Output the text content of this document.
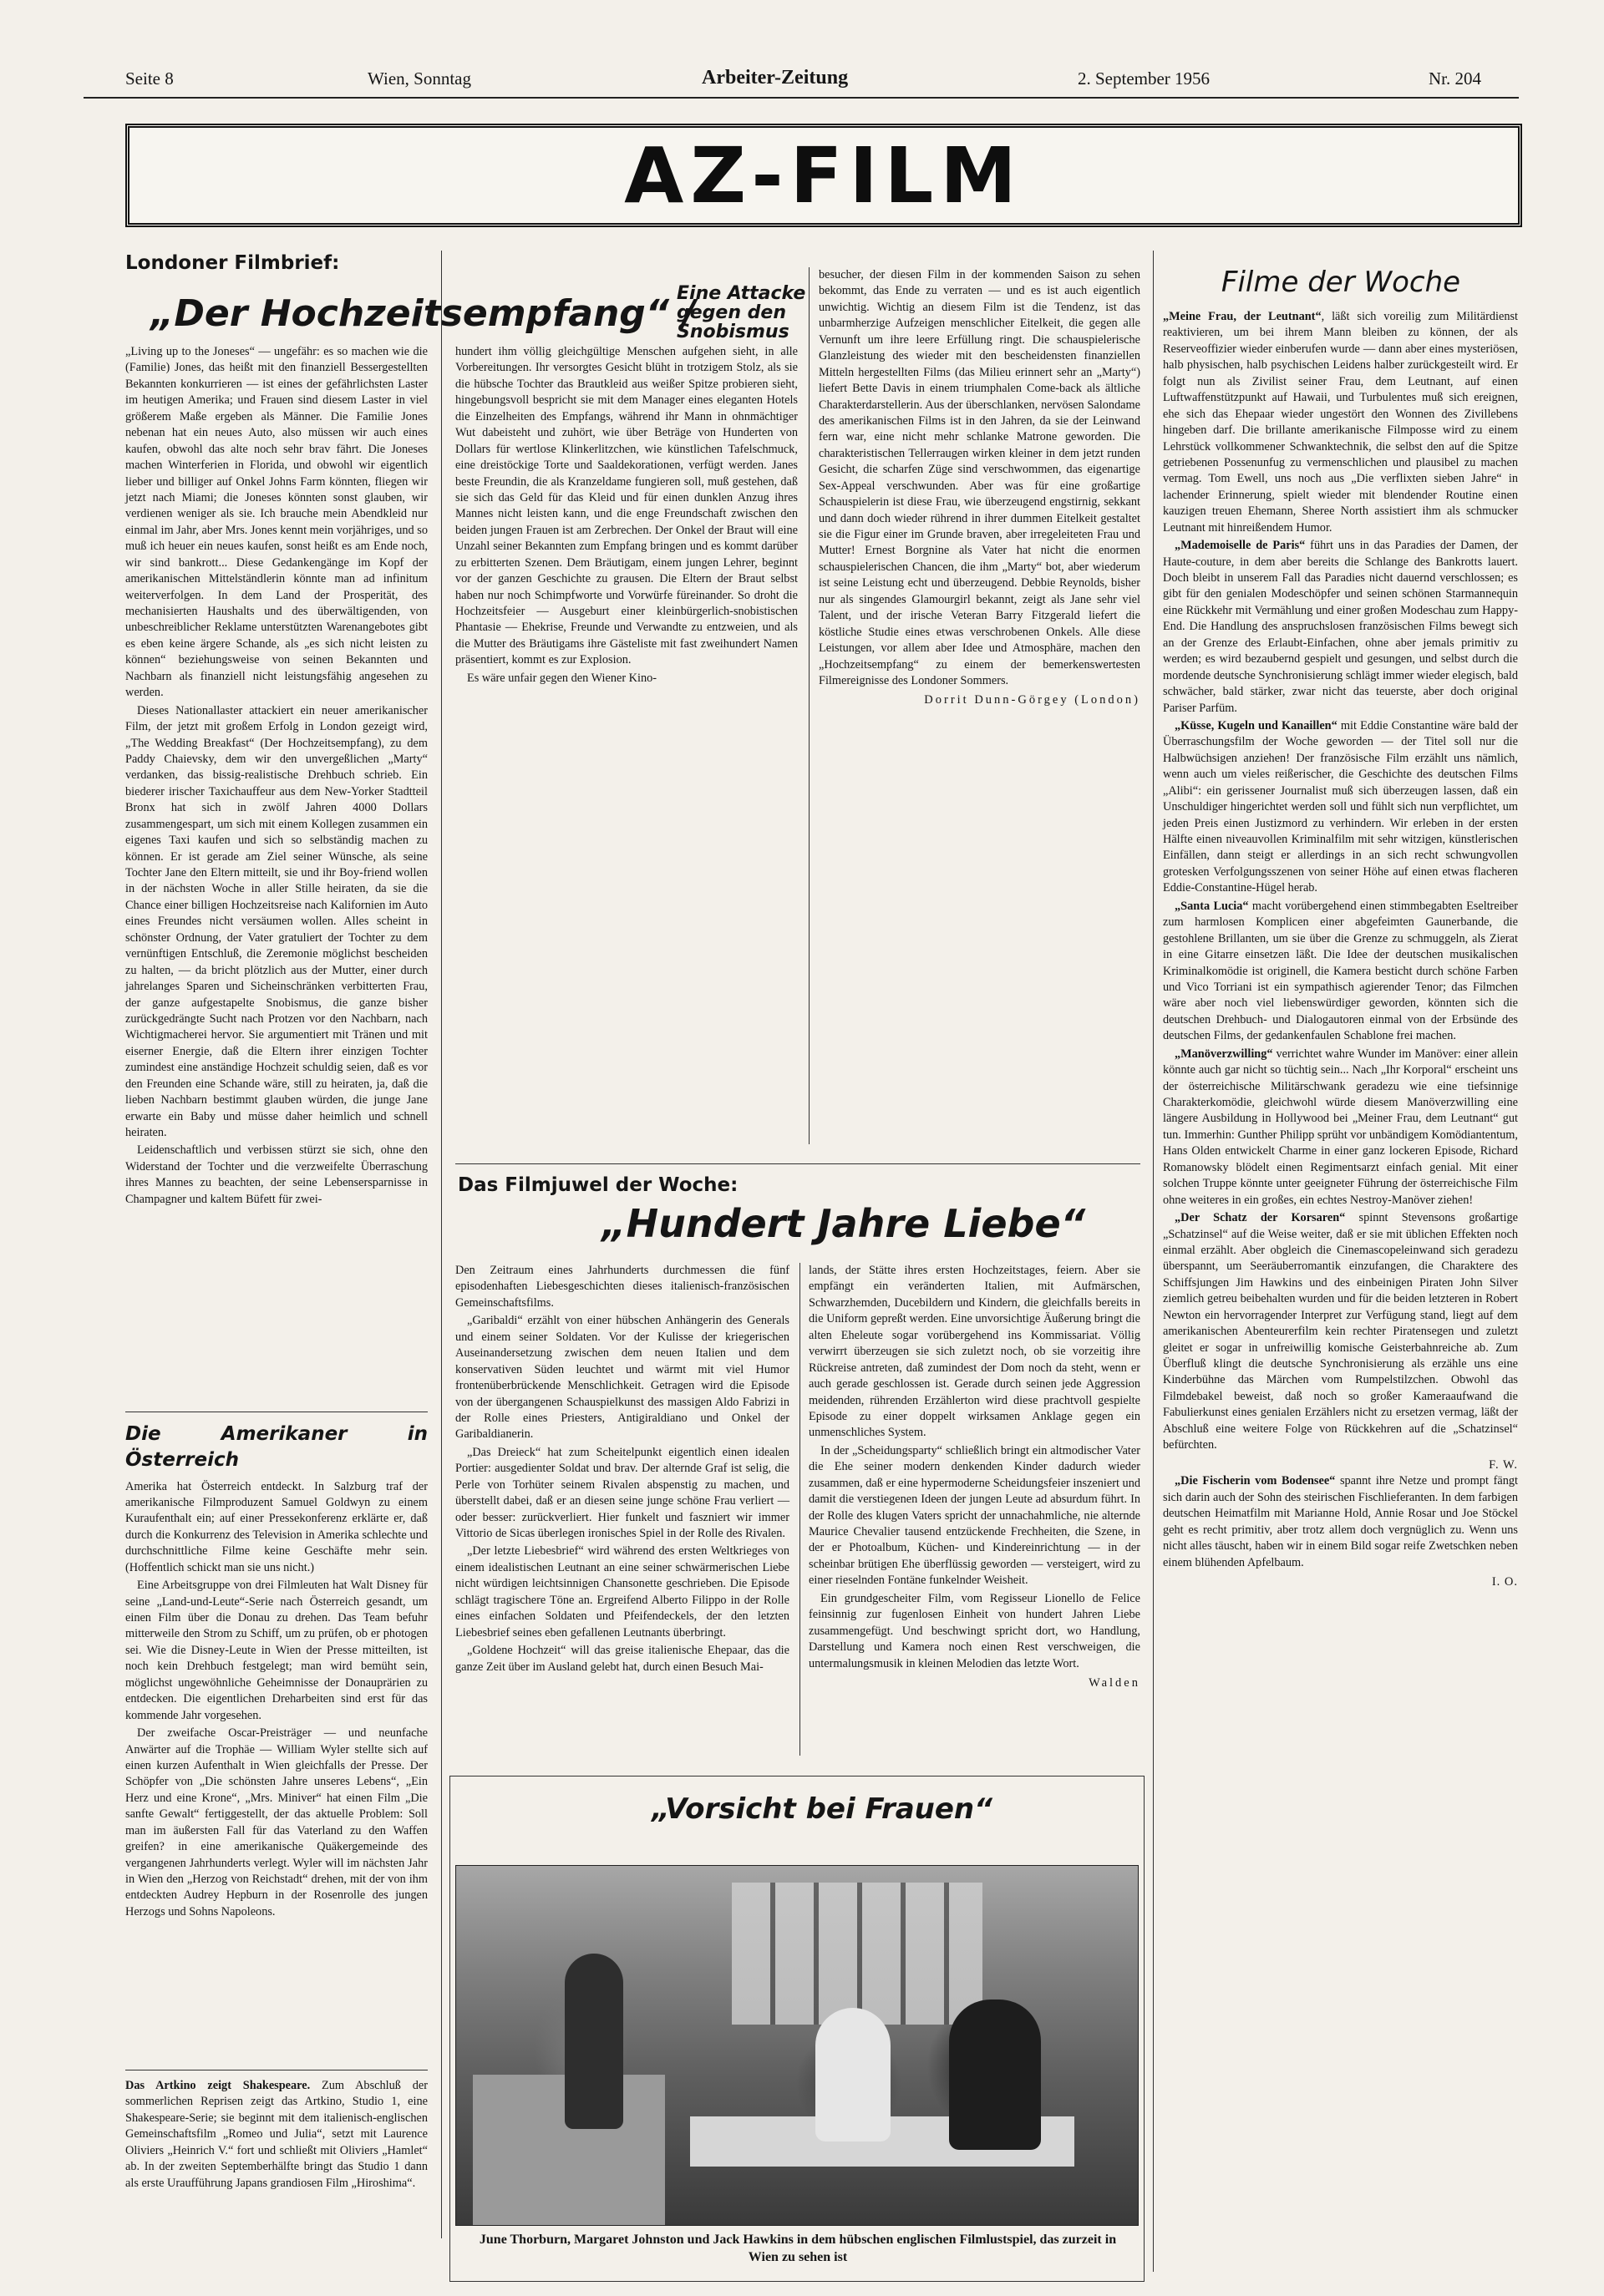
Seite 8	Wien, Sonntag	Arbeiter-Zeitung	2. September 1956	Nr. 204
AZ-FILM
Londoner Filmbrief:
„Der Hochzeitsempfang“ /
Eine Attacke gegen den Snobismus

„Living up to the Joneses“ — ungefähr: es so machen wie die (Familie) Jones, das heißt mit den finanziell Bessergestellten Bekannten konkurrieren — ist eines der gefährlichsten Laster im heutigen Amerika; und Frauen sind diesem Laster in viel größerem Maße ergeben als Männer. Die Familie Jones nebenan hat ein neues Auto, also müssen wir auch eines kaufen, obwohl das alte noch sehr brav fährt. Die Joneses machen Winterferien in Florida, und obwohl wir eigentlich lieber und billiger auf Onkel Johns Farm könnten, fliegen wir jetzt nach Miami; die Joneses könnten sonst glauben, wir verdienen weniger als sie. Ich brauche mein Abendkleid nur einmal im Jahr, aber Mrs. Jones kennt mein vorjähriges, und so muß ich heuer ein neues kaufen, sonst heißt es am Ende noch, wir sind bankrott... Diese Gedankengänge im Kopf der amerikanischen Mittelständlerin könnte man ad infinitum weiterverfolgen. In dem Land der Prosperität, des mechanisierten Haushalts und des überwältigenden, von unbeschreiblicher Reklame unterstützten Warenangebotes gibt es eben keine ärgere Schande, als „es sich nicht leisten zu können“ beziehungsweise von seinen Bekannten und Nachbarn als finanziell nicht leistungsfähig angesehen zu werden.

Dieses Nationallaster attackiert ein neuer amerikanischer Film, der jetzt mit großem Erfolg in London gezeigt wird, „The Wedding Breakfast“ (Der Hochzeitsempfang), zu dem Paddy Chaievsky, dem wir den unvergeßlichen „Marty“ verdanken, das bissig-realistische Drehbuch schrieb. Ein biederer irischer Taxichauffeur aus dem New-Yorker Stadtteil Bronx hat sich in zwölf Jahren 4000 Dollars zusammengespart, um sich mit einem Kollegen zusammen ein eigenes Taxi kaufen und sich so selbständig machen zu können. Er ist gerade am Ziel seiner Wünsche, als seine Tochter Jane den Eltern mitteilt, sie und ihr Boy-friend wollen in der nächsten Woche in aller Stille heiraten, da sie die Chance einer billigen Hochzeitsreise nach Kalifornien im Auto eines Freundes nicht versäumen wollen. Alles scheint in schönster Ordnung, der Vater gratuliert der Tochter zu dem vernünftigen Entschluß, die Zeremonie möglichst bescheiden zu halten, — da bricht plötzlich aus der Mutter, einer durch jahrelanges Sparen und Sicheinschränken verbitterten Frau, der ganze aufgestapelte Snobismus, die ganze bisher zurückgedrängte Sucht nach Protzen vor den Nachbarn, nach Wichtigmacherei hervor. Sie argumentiert mit Tränen und mit eiserner Energie, daß die Eltern ihrer einzigen Tochter zumindest eine anständige Hochzeit schuldig seien, daß es vor den Freunden eine Schande wäre, still zu heiraten, ja, daß die lieben Nachbarn bestimmt glauben würden, die junge Jane erwarte ein Baby und müsse daher heimlich und schnell heiraten.

Leidenschaftlich und verbissen stürzt sie sich, ohne den Widerstand der Tochter und die verzweifelte Überraschung ihres Mannes zu beachten, der seine Lebensersparnisse in Champagner und kaltem Büfett für zwei-

Die Amerikaner in Österreich

Amerika hat Österreich entdeckt. In Salzburg traf der amerikanische Filmproduzent Samuel Goldwyn zu einem Kuraufenthalt ein; auf einer Pressekonferenz erklärte er, daß durch die Konkurrenz des Television in Amerika schlechte und durchschnittliche Filme keine Geschäfte mehr sein. (Hoffentlich schickt man sie uns nicht.)

Eine Arbeitsgruppe von drei Filmleuten hat Walt Disney für seine „Land-und-Leute“-Serie nach Österreich gesandt, um einen Film über die Donau zu drehen. Das Team befuhr mitterweile den Strom zu Schiff, um zu prüfen, ob er photogen sei. Wie die Disney-Leute in Wien der Presse mitteilten, ist noch kein Drehbuch festgelegt; man wird bemüht sein, möglichst ungewöhnliche Geheimnisse der Donauprärien zu entdecken. Die eigentlichen Dreharbeiten sind erst für das kommende Jahr vorgesehen.

Der zweifache Oscar-Preisträger — und neunfache Anwärter auf die Trophäe — William Wyler stellte sich auf einen kurzen Aufenthalt in Wien gleichfalls der Presse. Der Schöpfer von „Die schönsten Jahre unseres Lebens“, „Ein Herz und eine Krone“, „Mrs. Miniver“ hat einen Film „Die sanfte Gewalt“ fertiggestellt, der das aktuelle Problem: Soll man im äußersten Fall für das Vaterland zu den Waffen greifen? in eine amerikanische Quäkergemeinde des vergangenen Jahrhunderts verlegt. Wyler will im nächsten Jahr in Wien den „Herzog von Reichstadt“ drehen, mit der von ihm entdeckten Audrey Hepburn in der Rosenrolle des jungen Herzogs und Sohns Napoleons.

Das Artkino zeigt Shakespeare. Zum Abschluß der sommerlichen Reprisen zeigt das Artkino, Studio 1, eine Shakespeare-Serie; sie beginnt mit dem italienisch-englischen Gemeinschaftsfilm „Romeo und Julia“, setzt mit Laurence Oliviers „Heinrich V.“ fort und schließt mit Oliviers „Hamlet“ ab. In der zweiten Septemberhälfte bringt das Studio 1 dann als erste Uraufführung Japans grandiosen Film „Hiroshima“.

hundert ihm völlig gleichgültige Menschen aufgehen sieht, in alle Vorbereitungen. Ihr versorgtes Gesicht blüht in trotzigem Stolz, als sie die hübsche Tochter das Brautkleid aus weißer Spitze probieren sieht, hingebungsvoll bespricht sie mit dem Manager eines eleganten Hotels die Einzelheiten des Empfangs, während ihr Mann in ohnmächtiger Wut dabeisteht und zuhört, wie über Beträge von Hunderten von Dollars für wertlose Klinkerlitzchen, wie künstlichen Tafelschmuck, eine dreistöckige Torte und Saaldekorationen, verfügt werden. Janes beste Freundin, die als Kranzeldame fungieren soll, muß gestehen, daß sie sich das Geld für das Kleid und für einen dunklen Anzug ihres Mannes nicht leisten kann, und die enge Freundschaft zwischen den beiden jungen Frauen ist am Zerbrechen. Der Onkel der Braut will eine Unzahl seiner Bekannten zum Empfang bringen und es kommt darüber zu erbitterten Szenen. Dem Bräutigam, einem jungen Lehrer, beginnt vor der ganzen Geschichte zu grausen. Die Eltern der Braut selbst haben nur noch Schimpfworte und Vorwürfe füreinander. So droht die Hochzeitsfeier — Ausgeburt einer kleinbürgerlich-snobistischen Phantasie — Ehekrise, Freunde und Verwandte zu entzweien, und als die Mutter des Bräutigams ihre Gästeliste mit fast zweihundert Namen präsentiert, kommt es zur Explosion.

Es wäre unfair gegen den Wiener Kino-

besucher, der diesen Film in der kommenden Saison zu sehen bekommt, das Ende zu verraten — und es ist auch eigentlich unwichtig. Wichtig an diesem Film ist die Tendenz, ist das unbarmherzige Aufzeigen menschlicher Eitelkeit, die gegen alle Vernunft um ihre leere Erfüllung ringt. Die schauspielerische Glanzleistung des wieder mit den bescheidensten finanziellen Mitteln hergestellten Films (das Milieu erinnert sehr an „Marty“) liefert Bette Davis in einem triumphalen Come-back als ältliche Charakterdarstellerin. Aus der überschlanken, nervösen Salondame des amerikanischen Films ist in den Jahren, da sie der Leinwand fern war, eine nicht mehr schlanke Matrone geworden. Die charakteristischen Tellerraugen wirken kleiner in dem jetzt runden Gesicht, die scharfen Züge sind verschwommen, das eigenartige Sex-Appeal verschwunden. Aber was für eine großartige Schauspielerin ist diese Frau, wie überzeugend engstirnig, sekkant und dann doch wieder rührend in ihrer dummen Eitelkeit gestaltet sie die Figur einer im Grunde braven, aber irregeleiteten Frau und Mutter! Ernest Borgnine als Vater hat nicht die enormen schauspielerischen Chancen, die ihm „Marty“ bot, aber wiederum ist seine Leistung echt und überzeugend. Debbie Reynolds, bisher nur als singendes Glamourgirl bekannt, zeigt als Jane sehr viel Talent, und der irische Veteran Barry Fitzgerald liefert die köstliche Studie eines etwas verschrobenen Onkels. Alle diese Leistungen, vor allem aber Idee und Atmosphäre, machen den „Hochzeitsempfang“ zu einem der bemerkenswertesten Filmereignisse des Londoner Sommers.

Dorrit Dunn-Görgey (London)
Das Filmjuwel der Woche:
„Hundert Jahre Liebe“

Den Zeitraum eines Jahrhunderts durchmessen die fünf episodenhaften Liebesgeschichten dieses italienisch-französischen Gemeinschaftsfilms.

„Garibaldi“ erzählt von einer hübschen Anhängerin des Generals und einem seiner Soldaten. Vor der Kulisse der kriegerischen Auseinandersetzung zwischen dem neuen Italien und dem konservativen Süden leuchtet und wärmt mit viel Humor frontenüberbrückende Menschlichkeit. Getragen wird die Episode von der übergangenen Schauspielkunst des massigen Aldo Fabrizi in der Rolle eines Priesters, Antigiraldiano und Onkel der Garibaldianerin.

„Das Dreieck“ hat zum Scheitelpunkt eigentlich einen idealen Portier: ausgedienter Soldat und brav. Der alternde Graf ist selig, die Perle von Torhüter seinem Rivalen abspenstig zu machen, und überstellt dabei, daß er an diesen seine junge schöne Frau verliert — oder besser: zurückverliert. Hier funkelt und faszniert wir immer Vittorio de Sicas überlegen ironisches Spiel in der Rolle des Rivalen.

„Der letzte Liebesbrief“ wird während des ersten Weltkrieges von einem idealistischen Leutnant an eine seiner schwärmerischen Liebe nicht würdigen leichtsinnigen Chansonette geschrieben. Die Episode schlägt tragischere Töne an. Ergreifend Alberto Filippo in der Rolle eines einfachen Soldaten und Pfeifendeckels, der den letzten Liebesbrief seines eben gefallenen Leutnants überbringt.

„Goldene Hochzeit“ will das greise italienische Ehepaar, das die ganze Zeit über im Ausland gelebt hat, durch einen Besuch Mai-

lands, der Stätte ihres ersten Hochzeitstages, feiern. Aber sie empfängt ein veränderten Italien, mit Aufmärschen, Schwarzhemden, Ducebildern und Kindern, die gleichfalls bereits in die Uniform gepreßt werden. Eine unvorsichtige Äußerung bringt die alten Eheleute sogar vorübergehend ins Kommissariat. Völlig verwirrt überzeugen sie sich zuletzt noch, ob sie vorzeitig ihre Rückreise antreten, daß zumindest der Dom noch da steht, wenn er auch gerade geschlossen ist. Gerade durch seinen jede Aggression meidenden, rührenden Erzählerton wird diese prachtvoll gespielte Episode zu einer doppelt wirksamen Anklage gegen ein unmenschliches System.

In der „Scheidungsparty“ schließlich bringt ein altmodischer Vater die Ehe seiner modern denkenden Kinder dadurch wieder zusammen, daß er eine hypermoderne Scheidungsfeier inszeniert und damit die verstiegenen Ideen der jungen Leute ad absurdum führt. In der Rolle des klugen Vaters spricht der unnachahmliche, nie alternde Maurice Chevalier tausend entzückende Frechheiten, die Szene, in der er Photoalbum, Küchen- und Kindereinrichtung — in der scheinbar brütigen Ehe überflüssig geworden — versteigert, wird zu einer rieselnden Fontäne funkelnder Weisheit.

Ein grundgescheiter Film, vom Regisseur Lionello de Felice feinsinnig zur fugenlosen Einheit von hundert Jahren Liebe zusammengefügt. Und beschwingt spricht dort, wo Handlung, Darstellung und Kamera noch einen Rest verschweigen, die untermalungsmusik in kleinen Melodien das letzte Wort.

Walden
„Vorsicht bei Frauen“
June Thorburn, Margaret Johnston und Jack Hawkins in dem hübschen englischen Filmlustspiel, das zurzeit in Wien zu sehen ist
Filme der Woche

„Meine Frau, der Leutnant“, läßt sich voreilig zum Militärdienst reaktivieren, um bei ihrem Mann bleiben zu können, der als Reserveoffizier wieder einberufen wurde — dann aber eines mysteriösen, halb physischen, halb psychischen Leidens halber zurückgesteilt wird. Er folgt nun als Zivilist seiner Frau, dem Leutnant, auf einen Luftwaffenstützpunkt auf Hawaii, und Turbulentes muß sich ereignen, ehe sich das Ehepaar wieder ungestört den Wonnen des Zivillebens hingeben darf. Die brillante amerikanische Filmposse wird zu einem Lehrstück vollkommener Schwanktechnik, die selbst den auf die Spitze getriebenen Possenunfug zu vermenschlichen und plausibel zu machen vermag. Tom Ewell, uns noch aus „Die verflixten sieben Jahre“ in lachender Erinnerung, spielt wieder mit blendender Routine einen kauzigen treuen Ehemann, Sheree North assistiert ihm als schmucker Leutnant mit hinreißendem Humor.

„Mademoiselle de Paris“ führt uns in das Paradies der Damen, der Haute-couture, in dem aber bereits die Schlange des Bankrotts lauert. Doch bleibt in unserem Fall das Paradies nicht dauernd verschlossen; es gibt für den genialen Modeschöpfer und seinen schönen Starmannequin eine Rückkehr mit Vermählung und einer großen Modeschau zum Happy-End. Die Handlung des anspruchslosen französischen Films bewegt sich an der Grenze des Erlaubt-Einfachen, ohne aber jemals primitiv zu werden; es wird bezaubernd gespielt und gesungen, und selbst durch die mordende deutsche Synchronisierung schlägt immer wieder elegisch, bald schwächer, bald stärker, zwar nicht das teuerste, aber doch original Pariser Parfüm.

„Küsse, Kugeln und Kanaillen“ mit Eddie Constantine wäre bald der Überraschungsfilm der Woche geworden — der Titel soll nur die Halbwüchsigen anziehen! Der französische Film erzählt uns nämlich, wenn auch um vieles reißerischer, die Geschichte des deutschen Films „Alibi“: ein gerissener Journalist muß sich überzeugen lassen, daß ein Unschuldiger hingerichtet werden soll und fühlt sich nun verpflichtet, um jeden Preis einen Justizmord zu verhindern. Wir erleben in der ersten Hälfte einen niveauvollen Kriminalfilm mit sehr witzigen, künstlerischen Einfällen, dann steigt er allerdings in an sich recht schwungvollen grotesken Verfolgungsszenen von seiner Höhe auf einen etwas flacheren Eddie-Constantine-Hügel herab.

„Santa Lucia“ macht vorübergehend einen stimmbegabten Eseltreiber zum harmlosen Komplicen einer abgefeimten Gaunerbande, die gestohlene Brillanten, um sie über die Grenze zu schmuggeln, als Zierat in eine Gitarre einsetzen läßt. Die Idee der deutschen musikalischen Kriminalkomödie ist originell, die Kamera besticht durch schöne Farben und Vico Torriani ist ein sympathisch agierender Tenor; das Filmchen wäre aber noch viel liebenswürdiger geworden, könnten sich die deutschen Drehbuch- und Dialogautoren einmal von der Erbsünde des deutschen Films, der gedankenfaulen Schablone frei machen.

„Manöverzwilling“ verrichtet wahre Wunder im Manöver: einer allein könnte auch gar nicht so tüchtig sein... Nach „Ihr Korporal“ erscheint uns der österreichische Militärschwank geradezu wie eine tiefsinnige Charakterkomödie, gleichwohl würde diesem Manöverzwilling eine längere Ausbildung in Hollywood bei „Meiner Frau, dem Leutnant“ gut tun. Immerhin: Gunther Philipp sprüht vor unbändigem Komödiantentum, Hans Olden entwickelt Charme in einer ganz lockeren Episode, Richard Romanowsky blödelt einen Regimentsarzt einfach genial. Mit einer solchen Truppe könnte unter geeigneter Führung der österreichische Film ohne weiteres in ein großes, ein echtes Nestroy-Manöver ziehen!

„Der Schatz der Korsaren“ spinnt Stevensons großartige „Schatzinsel“ auf die Weise weiter, daß er sie mit üblichen Effekten noch einmal erzählt. Aber obgleich die Cinemascopeleinwand sich geradezu überspannt, um Seeräuberromantik einzufangen, die Charaktere des Schiffsjungen Jim Hawkins und des einbeinigen Piraten John Silver ziemlich getreu beibehalten wurden und für die beiden letzteren in Robert Newton ein hervorragender Interpret zur Verfügung stand, liegt auf dem amerikanischen Abenteurerfilm kein rechter Piratensegen und zuletzt gleitet er sogar in unfreiwillig komische Geisterbahnreiche ab. Zum Überfluß klingt die deutsche Synchronisierung als erzähle uns eine Kinderbühne das Märchen vom Rumpelstilzchen. Obwohl das Filmdebakel beweist, daß noch so großer Kameraaufwand die Fabulierkunst eines genialen Erzählers nicht zu ersetzen vermag, läßt der Abschluß eine weitere Folge von Rückkehren auf die „Schatzinsel“ befürchten.

F. W.

„Die Fischerin vom Bodensee“ spannt ihre Netze und prompt fängt sich darin auch der Sohn des steirischen Fischlieferanten. In dem farbigen deutschen Heimatfilm mit Marianne Hold, Annie Rosar und Joe Stöckel geht es recht primitiv, aber trotz allem doch vergnüglich zu. Wenn uns nicht alles täuscht, haben wir in einem Bild sogar reife Zwetschken neben einem blühenden Apfelbaum.

I. O.
